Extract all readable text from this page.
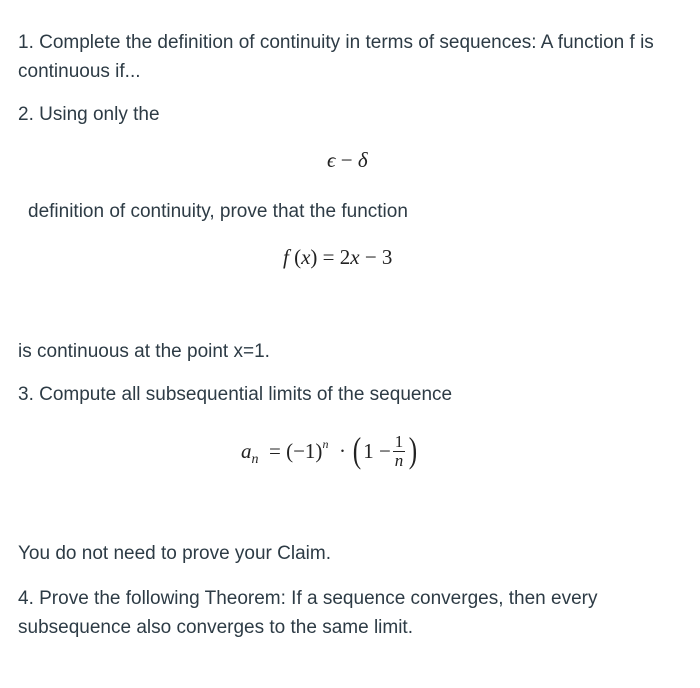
1. Complete the definition of continuity in terms of sequences: A function f is
continuous if...
2. Using only the
ϵ − δ
definition of continuity, prove that the function
f (x) = 2x − 3
is continuous at the point x=1.
3. Compute all subsequential limits of the sequence
$a_n = (-1)^n \cdot (1 - \frac{1}{n}$ )
You do not need to prove your Claim.
4. Prove the following Theorem: If a sequence converges, then every
subsequence also converges to the same limit.
